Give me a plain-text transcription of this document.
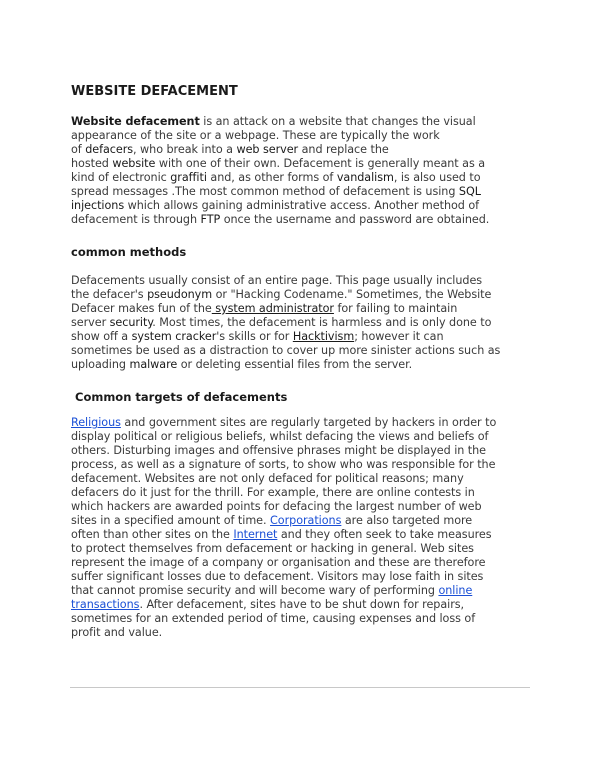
WEBSITE DEFACEMENT
Website defacement is an attack on a website that changes the visual
appearance of the site or a webpage. These are typically the work
of defacers, who break into a web server and replace the
hosted website with one of their own. Defacement is generally meant as a
kind of electronic graffiti and, as other forms of vandalism, is also used to
spread messages .The most common method of defacement is using SQL
injections which allows gaining administrative access. Another method of
defacement is through FTP once the username and password are obtained.
common methods
Defacements usually consist of an entire page. This page usually includes
the defacer's pseudonym or "Hacking Codename." Sometimes, the Website
Defacer makes fun of the system administrator for failing to maintain
server security. Most times, the defacement is harmless and is only done to
show off a system cracker's skills or for Hacktivism; however it can
sometimes be used as a distraction to cover up more sinister actions such as
uploading malware or deleting essential files from the server.
Common targets of defacements
Religious and government sites are regularly targeted by hackers in order to
display political or religious beliefs, whilst defacing the views and beliefs of
others. Disturbing images and offensive phrases might be displayed in the
process, as well as a signature of sorts, to show who was responsible for the
defacement. Websites are not only defaced for political reasons; many
defacers do it just for the thrill. For example, there are online contests in
which hackers are awarded points for defacing the largest number of web
sites in a specified amount of time. Corporations are also targeted more
often than other sites on the Internet and they often seek to take measures
to protect themselves from defacement or hacking in general. Web sites
represent the image of a company or organisation and these are therefore
suffer significant losses due to defacement. Visitors may lose faith in sites
that cannot promise security and will become wary of performing online
transactions. After defacement, sites have to be shut down for repairs,
sometimes for an extended period of time, causing expenses and loss of
profit and value.
